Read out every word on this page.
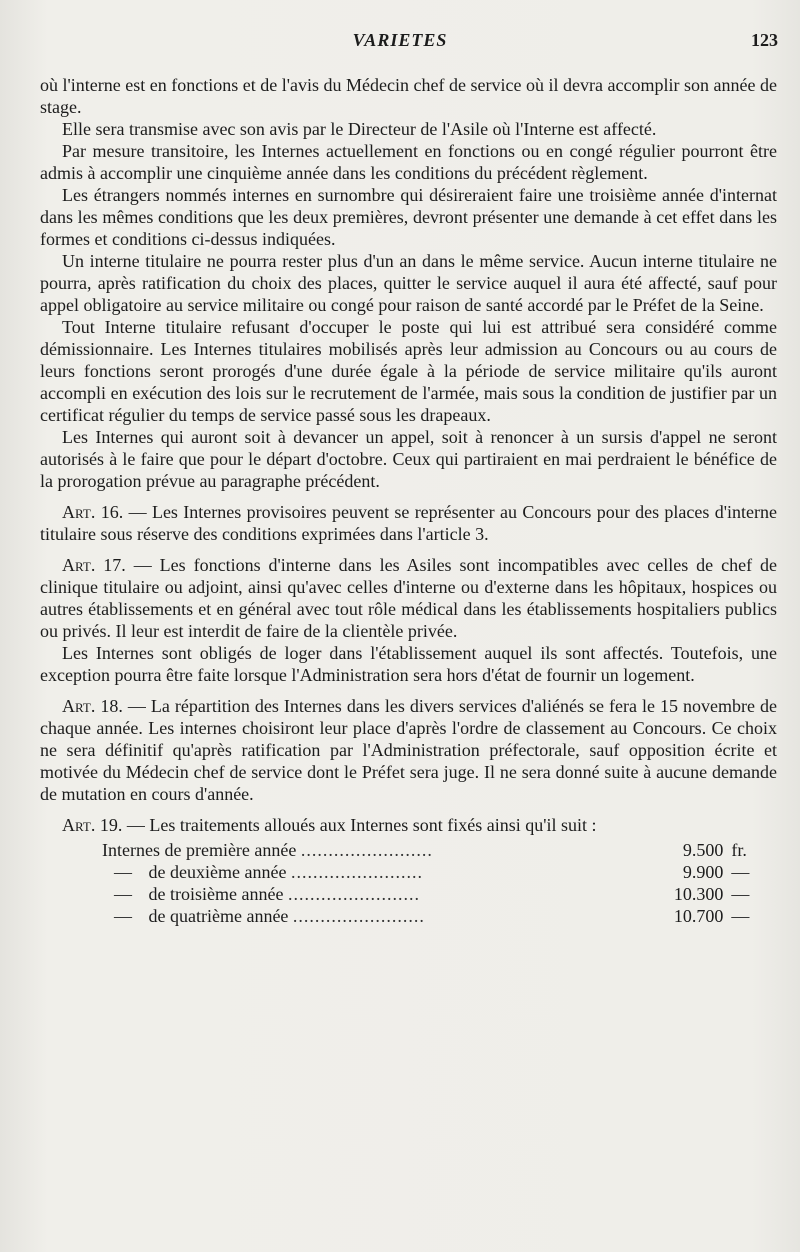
VARIETES	123

où l'interne est en fonctions et de l'avis du Médecin chef de service où il devra accomplir son année de stage.

Elle sera transmise avec son avis par le Directeur de l'Asile où l'Interne est affecté.

Par mesure transitoire, les Internes actuellement en fonctions ou en congé régulier pourront être admis à accomplir une cinquième année dans les conditions du précédent règlement.

Les étrangers nommés internes en surnombre qui désireraient faire une troisième année d'internat dans les mêmes conditions que les deux premières, devront présenter une demande à cet effet dans les formes et conditions ci-dessus indiquées.

Un interne titulaire ne pourra rester plus d'un an dans le même service. Aucun interne titulaire ne pourra, après ratification du choix des places, quitter le service auquel il aura été affecté, sauf pour appel obligatoire au service militaire ou congé pour raison de santé accordé par le Préfet de la Seine.

Tout Interne titulaire refusant d'occuper le poste qui lui est attribué sera considéré comme démissionnaire. Les Internes titulaires mobilisés après leur admission au Concours ou au cours de leurs fonctions seront prorogés d'une durée égale à la période de service militaire qu'ils auront accompli en exécution des lois sur le recrutement de l'armée, mais sous la condition de justifier par un certificat régulier du temps de service passé sous les drapeaux.

Les Internes qui auront soit à devancer un appel, soit à renoncer à un sursis d'appel ne seront autorisés à le faire que pour le départ d'octobre. Ceux qui partiraient en mai perdraient le bénéfice de la prorogation prévue au paragraphe précédent.

Art. 16. — Les Internes provisoires peuvent se représenter au Concours pour des places d'interne titulaire sous réserve des conditions exprimées dans l'article 3.

Art. 17. — Les fonctions d'interne dans les Asiles sont incompatibles avec celles de chef de clinique titulaire ou adjoint, ainsi qu'avec celles d'interne ou d'externe dans les hôpitaux, hospices ou autres établissements et en général avec tout rôle médical dans les établissements hospitaliers publics ou privés. Il leur est interdit de faire de la clientèle privée.

Les Internes sont obligés de loger dans l'établissement auquel ils sont affectés. Toutefois, une exception pourra être faite lorsque l'Administration sera hors d'état de fournir un logement.

Art. 18. — La répartition des Internes dans les divers services d'aliénés se fera le 15 novembre de chaque année. Les internes choisiront leur place d'après l'ordre de classement au Concours. Ce choix ne sera définitif qu'après ratification par l'Administration préfectorale, sauf opposition écrite et motivée du Médecin chef de service dont le Préfet sera juge. Il ne sera donné suite à aucune demande de mutation en cours d'année.

Art. 19. — Les traitements alloués aux Internes sont fixés ainsi qu'il suit :

Internes de première année ........................	9.500	fr.
— de deuxième année ........................	9.900	—
— de troisième année ........................	10.300	—
— de quatrième année ........................	10.700	—
